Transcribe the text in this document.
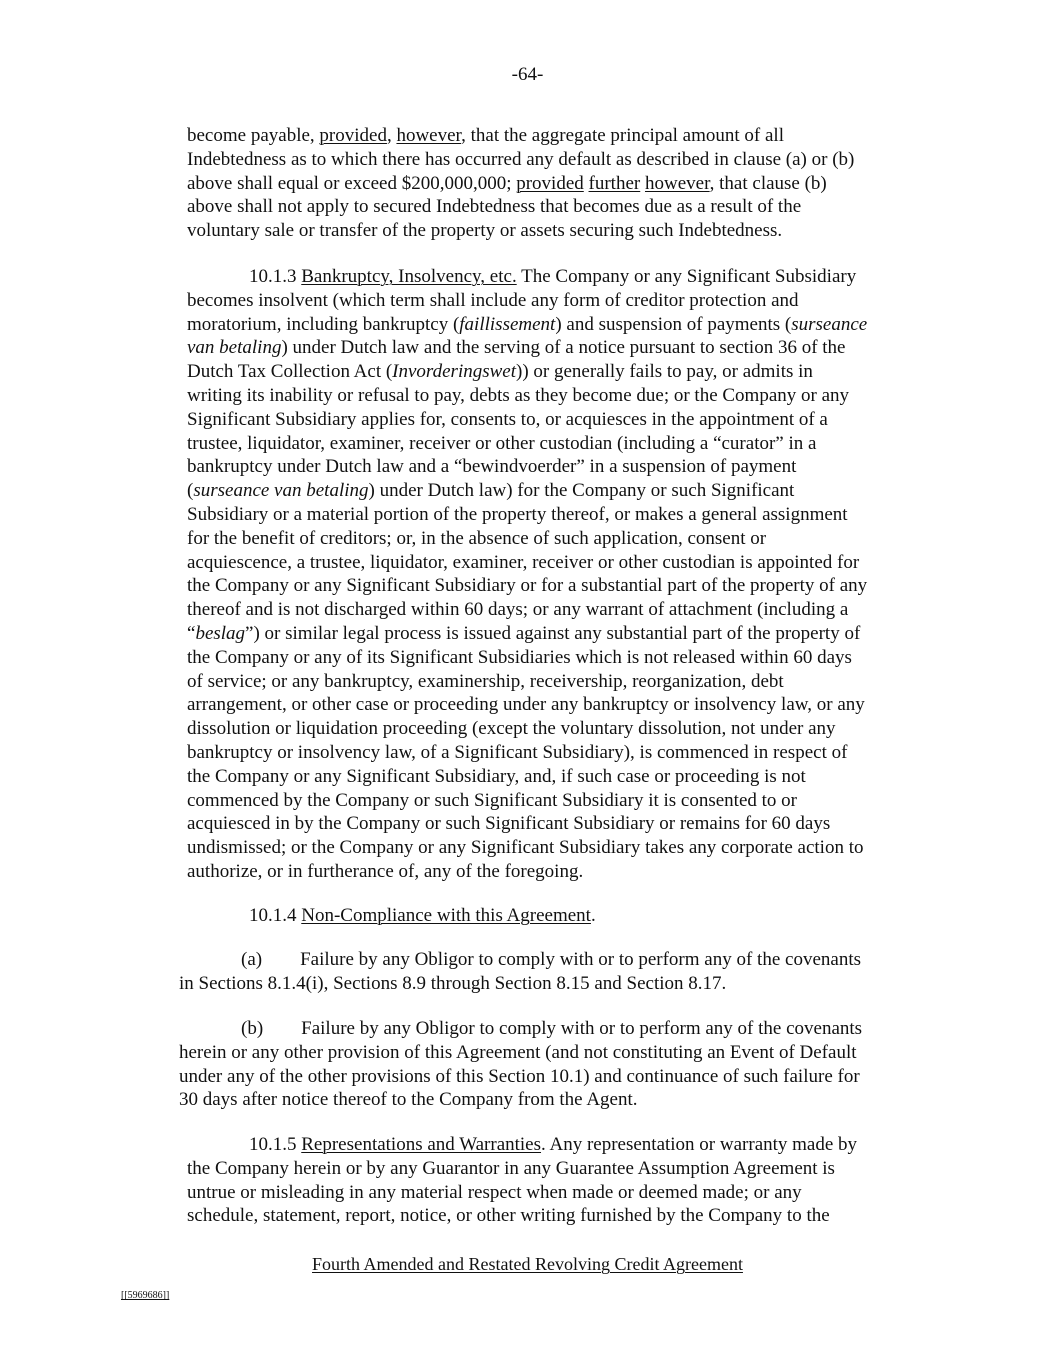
-64-
become payable, provided, however, that the aggregate principal amount of all
Indebtedness as to which there has occurred any default as described in clause (a) or (b)
above shall equal or exceed $200,000,000; provided further however, that clause (b)
above shall not apply to secured Indebtedness that becomes due as a result of the
voluntary sale or transfer of the property or assets securing such Indebtedness.
10.1.3 Bankruptcy, Insolvency, etc. The Company or any Significant Subsidiary
becomes insolvent (which term shall include any form of creditor protection and
moratorium, including bankruptcy (faillissement) and suspension of payments (surseance
van betaling) under Dutch law and the serving of a notice pursuant to section 36 of the
Dutch Tax Collection Act (Invorderingswet)) or generally fails to pay, or admits in
writing its inability or refusal to pay, debts as they become due; or the Company or any
Significant Subsidiary applies for, consents to, or acquiesces in the appointment of a
trustee, liquidator, examiner, receiver or other custodian (including a “curator” in a
bankruptcy under Dutch law and a “bewindvoerder” in a suspension of payment
(surseance van betaling) under Dutch law) for the Company or such Significant
Subsidiary or a material portion of the property thereof, or makes a general assignment
for the benefit of creditors; or, in the absence of such application, consent or
acquiescence, a trustee, liquidator, examiner, receiver or other custodian is appointed for
the Company or any Significant Subsidiary or for a substantial part of the property of any
thereof and is not discharged within 60 days; or any warrant of attachment (including a
“beslag”) or similar legal process is issued against any substantial part of the property of
the Company or any of its Significant Subsidiaries which is not released within 60 days
of service; or any bankruptcy, examinership, receivership, reorganization, debt
arrangement, or other case or proceeding under any bankruptcy or insolvency law, or any
dissolution or liquidation proceeding (except the voluntary dissolution, not under any
bankruptcy or insolvency law, of a Significant Subsidiary), is commenced in respect of
the Company or any Significant Subsidiary, and, if such case or proceeding is not
commenced by the Company or such Significant Subsidiary it is consented to or
acquiesced in by the Company or such Significant Subsidiary or remains for 60 days
undismissed; or the Company or any Significant Subsidiary takes any corporate action to
authorize, or in furtherance of, any of the foregoing.
10.1.4 Non-Compliance with this Agreement.
(a)  Failure by any Obligor to comply with or to perform any of the covenants
in Sections 8.1.4(i), Sections 8.9 through Section 8.15 and Section 8.17.
(b)  Failure by any Obligor to comply with or to perform any of the covenants
herein or any other provision of this Agreement (and not constituting an Event of Default
under any of the other provisions of this Section 10.1) and continuance of such failure for
30 days after notice thereof to the Company from the Agent.
10.1.5 Representations and Warranties. Any representation or warranty made by
the Company herein or by any Guarantor in any Guarantee Assumption Agreement is
untrue or misleading in any material respect when made or deemed made; or any
schedule, statement, report, notice, or other writing furnished by the Company to the
Fourth Amended and Restated Revolving Credit Agreement
[[5969686]]
